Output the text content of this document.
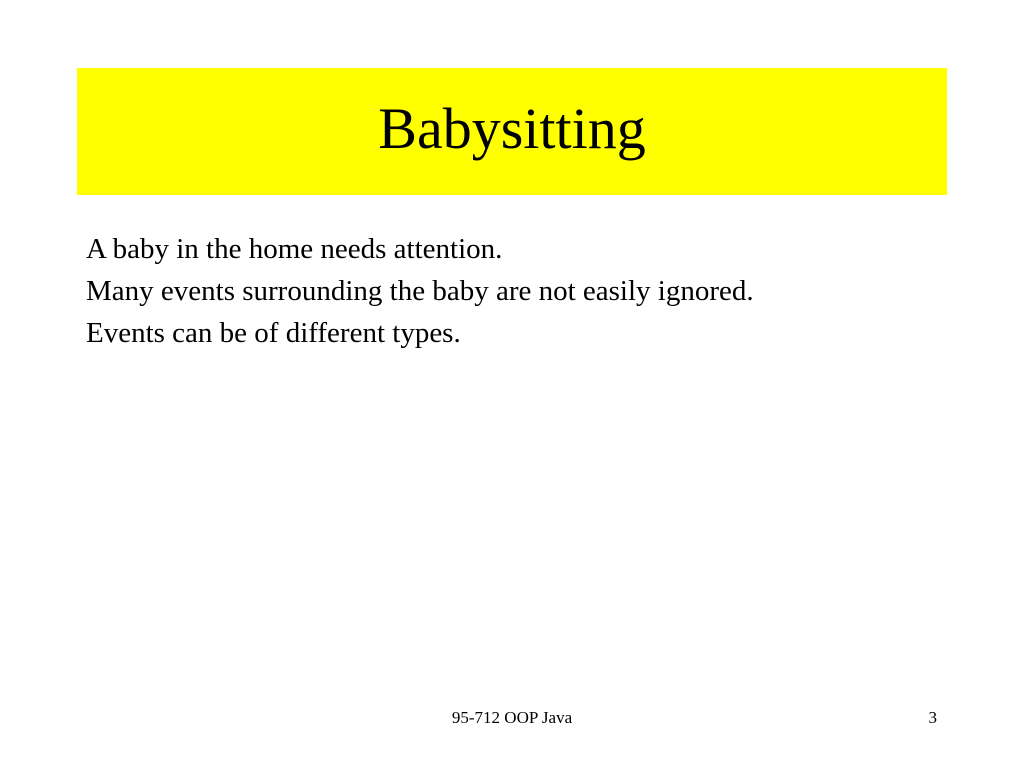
Babysitting
A baby in the home needs attention.
Many events surrounding the baby are not easily ignored.
Events can be of different types.
95-712 OOP Java	3
